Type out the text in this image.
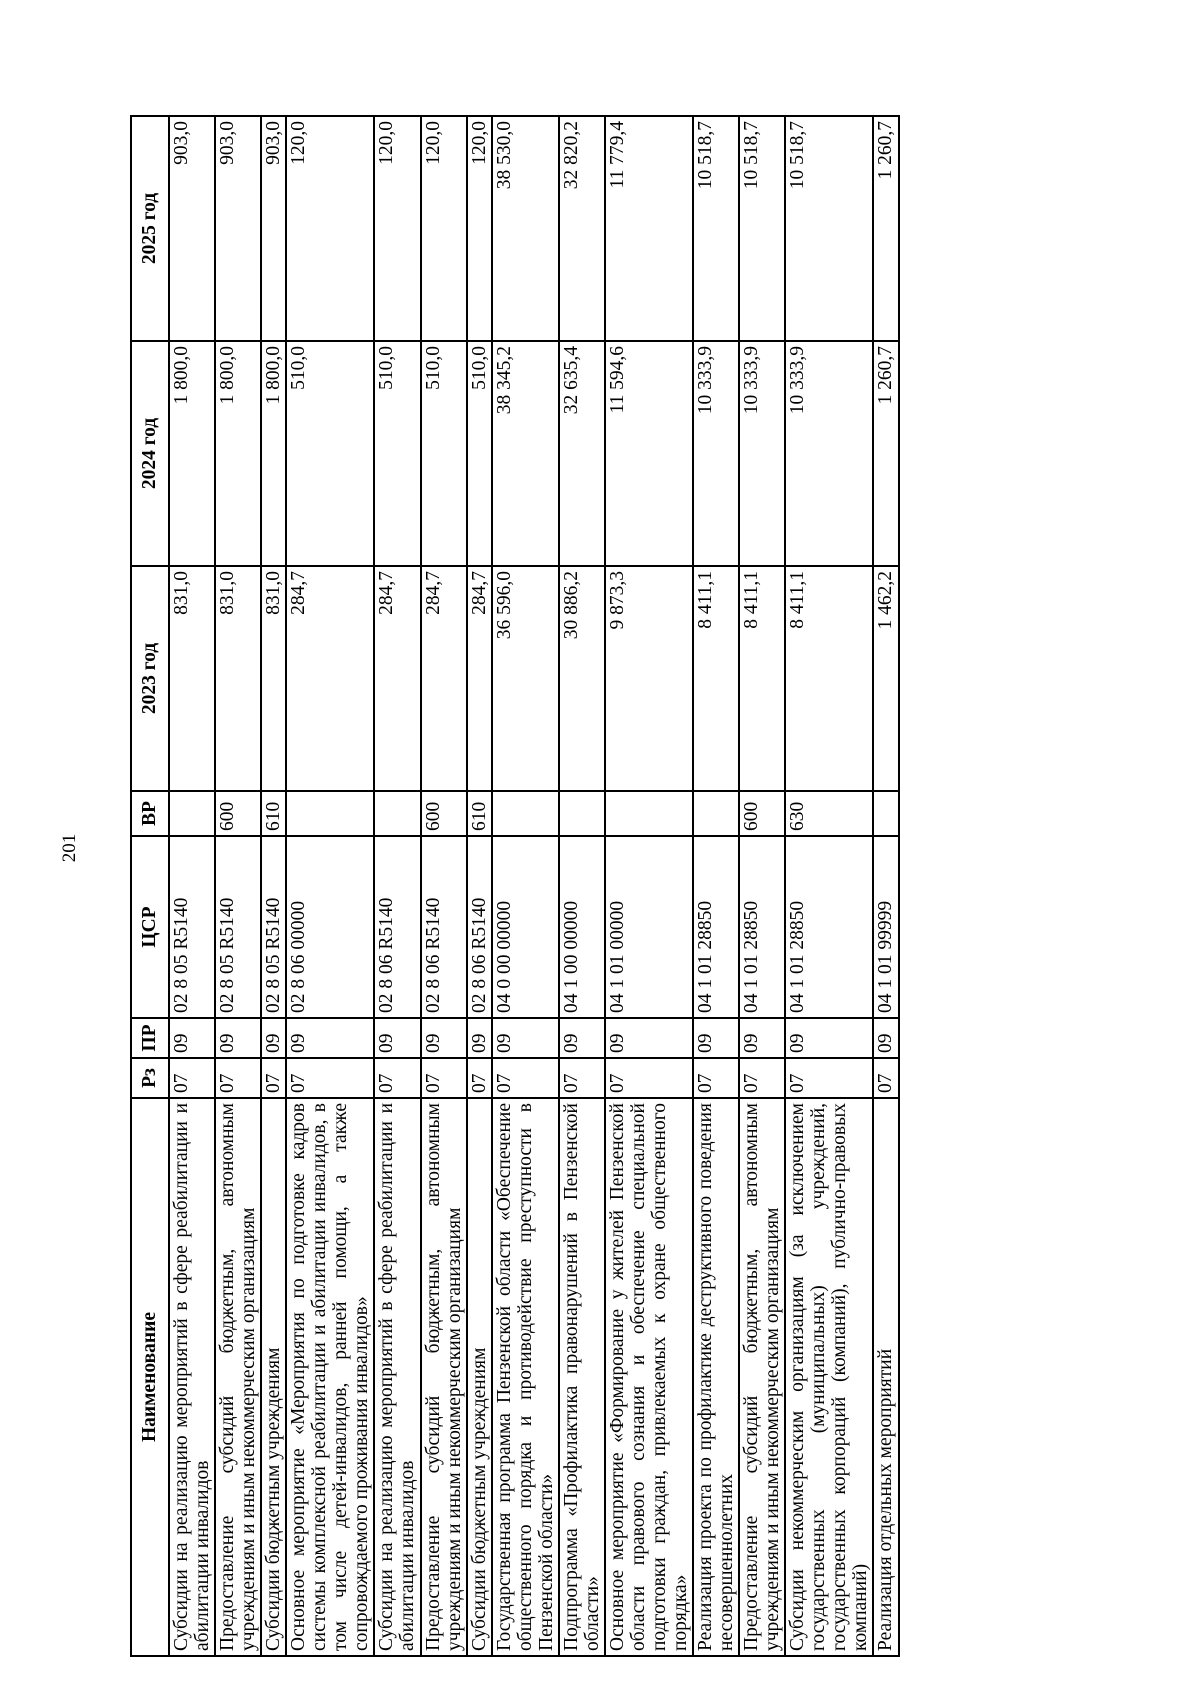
201
Наименование	Рз	ПР	ЦСР	ВР	2023 год	2024 год	2025 год
Субсидии на реализацию мероприятий в сфере реабилитации и абилитации инвалидов	07	09	02 8 05 R5140		831,0	1 800,0	903,0
Предоставление субсидий бюджетным, автономным учреждениям и иным некоммерческим организациям	07	09	02 8 05 R5140	600	831,0	1 800,0	903,0
Субсидии бюджетным учреждениям	07	09	02 8 05 R5140	610	831,0	1 800,0	903,0
Основное мероприятие «Мероприятия по подготовке кадров системы комплексной реабилитации и абилитации инвалидов, в том числе детей-инвалидов, ранней помощи, а также сопровождаемого проживания инвалидов»	07	09	02 8 06 00000		284,7	510,0	120,0
Субсидии на реализацию мероприятий в сфере реабилитации и абилитации инвалидов	07	09	02 8 06 R5140		284,7	510,0	120,0
Предоставление субсидий бюджетным, автономным учреждениям и иным некоммерческим организациям	07	09	02 8 06 R5140	600	284,7	510,0	120,0
Субсидии бюджетным учреждениям	07	09	02 8 06 R5140	610	284,7	510,0	120,0
Государственная программа Пензенской области «Обеспечение общественного порядка и противодействие преступности в Пензенской области»	07	09	04 0 00 00000		36 596,0	38 345,2	38 530,0
Подпрограмма «Профилактика правонарушений в Пензенской области»	07	09	04 1 00 00000		30 886,2	32 635,4	32 820,2
Основное мероприятие «Формирование у жителей Пензенской области правового сознания и обеспечение специальной подготовки граждан, привлекаемых к охране общественного порядка»	07	09	04 1 01 00000		9 873,3	11 594,6	11 779,4
Реализация проекта по профилактике деструктивного поведения несовершеннолетних	07	09	04 1 01 28850		8 411,1	10 333,9	10 518,7
Предоставление субсидий бюджетным, автономным учреждениям и иным некоммерческим организациям	07	09	04 1 01 28850	600	8 411,1	10 333,9	10 518,7
Субсидии некоммерческим организациям (за исключением государственных (муниципальных) учреждений, государственных корпораций (компаний), публично-правовых компаний)	07	09	04 1 01 28850	630	8 411,1	10 333,9	10 518,7
Реализация отдельных мероприятий	07	09	04 1 01 99999		1 462,2	1 260,7	1 260,7
